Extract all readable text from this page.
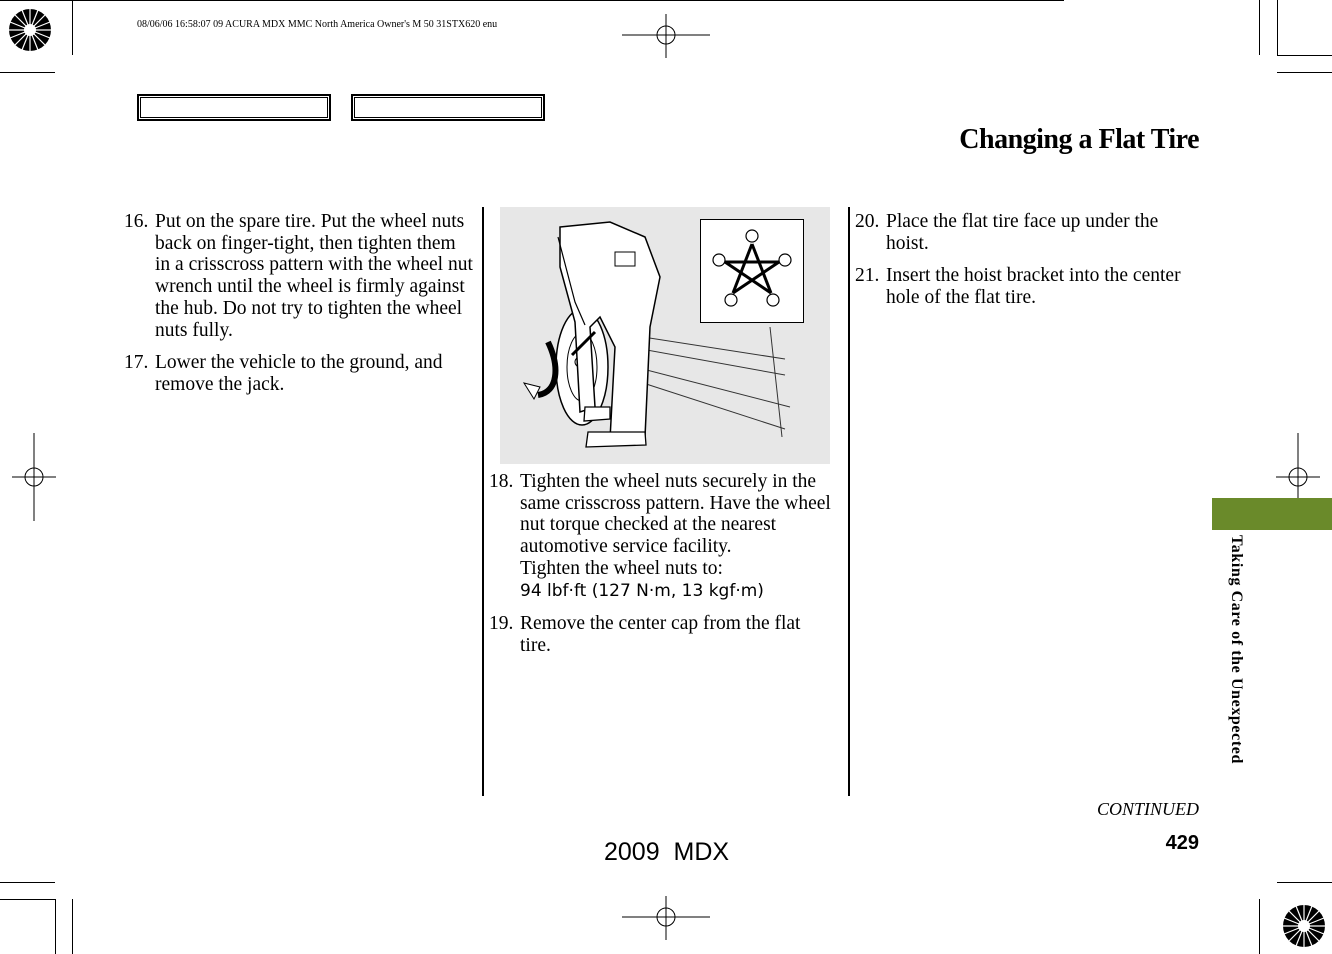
08/06/06 16:58:07 09 ACURA MDX MMC North America Owner's M 50 31STX620 enu
Changing a Flat Tire
16. Put on the spare tire. Put the wheel nuts back on finger-tight, then tighten them in a crisscross pattern with the wheel nut wrench until the wheel is firmly against the hub. Do not try to tighten the wheel nuts fully.
17. Lower the vehicle to the ground, and remove the jack.
18. Tighten the wheel nuts securely in the same crisscross pattern. Have the wheel nut torque checked at the nearest automotive service facility.
Tighten the wheel nuts to:
94 lbf·ft (127 N·m, 13 kgf·m)
19. Remove the center cap from the flat tire.
20. Place the flat tire face up under the hoist.
21. Insert the hoist bracket into the center hole of the flat tire.
Taking Care of the Unexpected
CONTINUED
429
2009  MDX
